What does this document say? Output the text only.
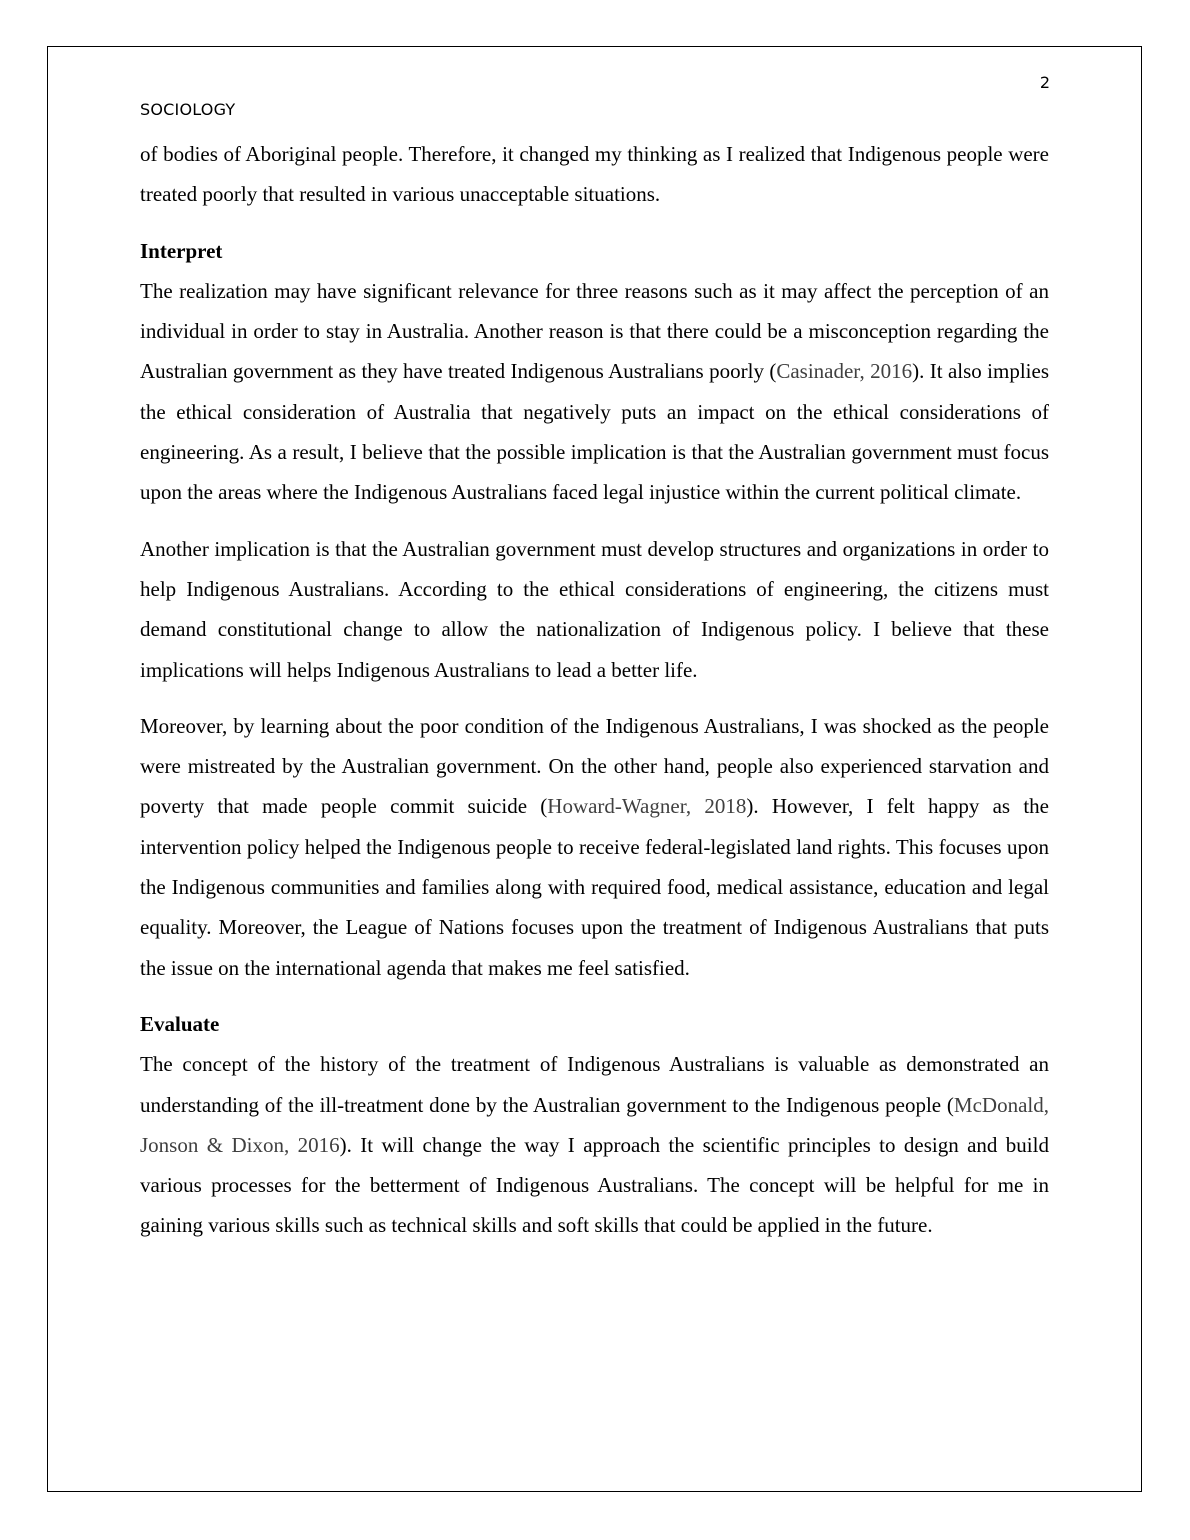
2
SOCIOLOGY

of bodies of Aboriginal people. Therefore, it changed my thinking as I realized that Indigenous people were treated poorly that resulted in various unacceptable situations.

Interpret

The realization may have significant relevance for three reasons such as it may affect the perception of an individual in order to stay in Australia. Another reason is that there could be a misconception regarding the Australian government as they have treated Indigenous Australians poorly (Casinader, 2016). It also implies the ethical consideration of Australia that negatively puts an impact on the ethical considerations of engineering. As a result, I believe that the possible implication is that the Australian government must focus upon the areas where the Indigenous Australians faced legal injustice within the current political climate.

Another implication is that the Australian government must develop structures and organizations in order to help Indigenous Australians. According to the ethical considerations of engineering, the citizens must demand constitutional change to allow the nationalization of Indigenous policy. I believe that these implications will helps Indigenous Australians to lead a better life.

Moreover, by learning about the poor condition of the Indigenous Australians, I was shocked as the people were mistreated by the Australian government. On the other hand, people also experienced starvation and poverty that made people commit suicide (Howard-Wagner, 2018). However, I felt happy as the intervention policy helped the Indigenous people to receive federal-legislated land rights. This focuses upon the Indigenous communities and families along with required food, medical assistance, education and legal equality. Moreover, the League of Nations focuses upon the treatment of Indigenous Australians that puts the issue on the international agenda that makes me feel satisfied.

Evaluate

The concept of the history of the treatment of Indigenous Australians is valuable as demonstrated an understanding of the ill-treatment done by the Australian government to the Indigenous people (McDonald, Jonson & Dixon, 2016). It will change the way I approach the scientific principles to design and build various processes for the betterment of Indigenous Australians. The concept will be helpful for me in gaining various skills such as technical skills and soft skills that could be applied in the future.
